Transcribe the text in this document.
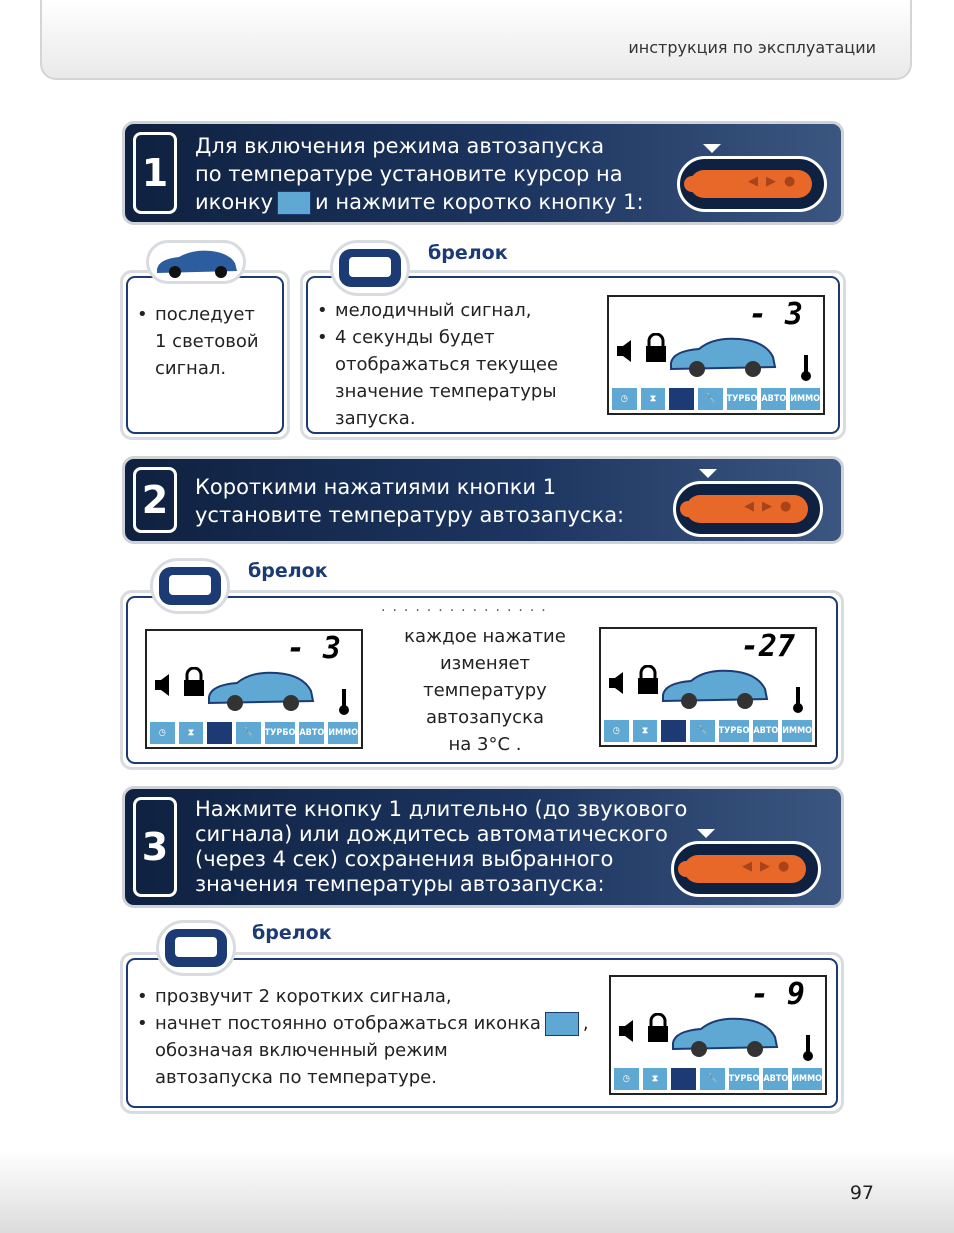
инструкция по эксплуатации
1
Для включения режима автозапуска
по температуре установите курсор на
иконку и нажмите коротко кнопку 1:
◀▶●
• последует
1 световой
сигнал.
• мелодичный сигнал,
• 4 секунды будет
отображаться текущее
значение температуры
запуска.
- 3
◷	⧗	🔧	ТУРБО АВТО ИММО
брелок
2	Короткими нажатиями кнопки 1
установите температуру автозапуска:	◀▶●
- 3
◷	⧗	🔧	ТУРБО АВТО ИММО
...............
каждое нажатие
изменяет
температуру
автозапуска
на 3°C .
-27
◷	⧗	🔧	ТУРБО АВТО ИММО
брелок
3
Нажмите кнопку 1 длительно (до звукового
сигнала) или дождитесь автоматического
(через 4 сек) сохранения выбранного
значения температуры автозапуска:
◀▶●
• прозвучит 2 коротких сигнала,
• начнет постоянно отображаться иконка ,
обозначая включенный режим
автозапуска по температуре.
- 9
◷	⧗	🔧	ТУРБО АВТО ИММО
брелок
97
